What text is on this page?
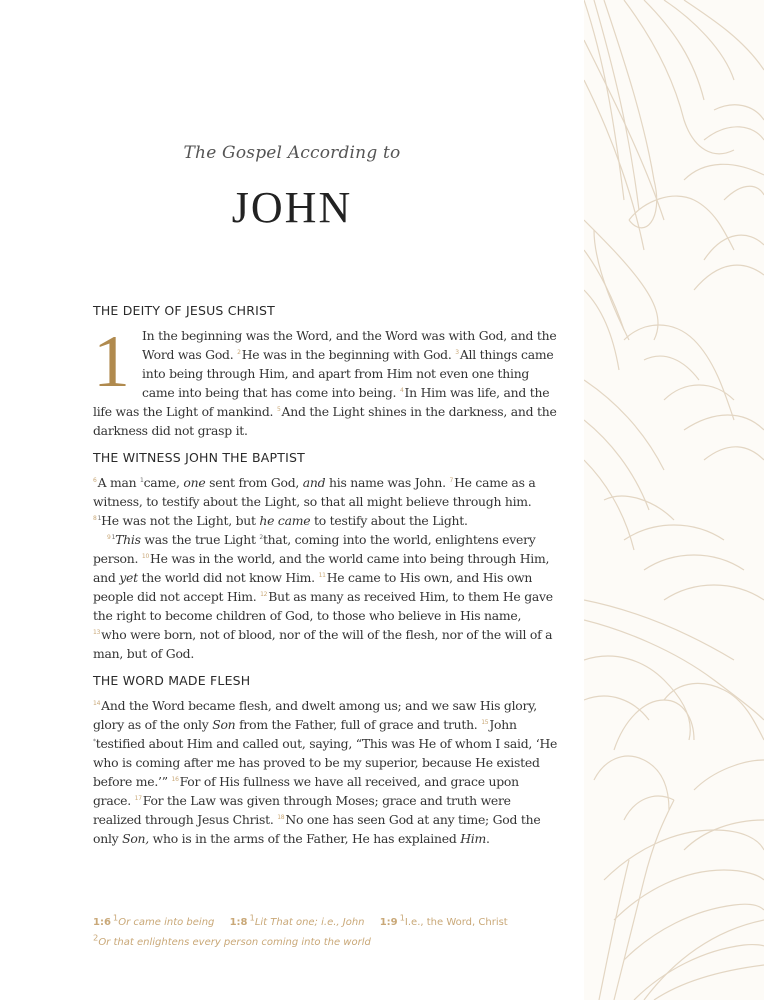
The Gospel According to
JOHN
THE DEITY OF JESUS CHRIST
1 In the beginning was the Word, and the Word was with God, and the Word was God. $^2$He was in the beginning with God. $^3$All things came into being through Him, and apart from Him not even one thing came into being that has come into being. $^4$In Him was life, and the life was the Light of mankind. $^5$And the Light shines in the darkness, and the darkness did not grasp it.

THE WITNESS JOHN THE BAPTIST

$^6$A man $^1$came, one sent from God, and his name was John. $^7$He came as a witness, to testify about the Light, so that all might believe through him. $^{81}$He was not the Light, but he came to testify about the Light.

$^{91}$This was the true Light $^2$that, coming into the world, enlightens every person. $^{10}$He was in the world, and the world came into being through Him, and yet the world did not know Him. $^{11}$He came to His own, and His own people did not accept Him. $^{12}$But as many as received Him, to them He gave the right to become children of God, to those who believe in His name, $^{13}$who were born, not of blood, nor of the will of the flesh, nor of the will of a man, but of God.

THE WORD MADE FLESH

$^{14}$And the Word became flesh, and dwelt among us; and we saw His glory, glory as of the only Son from the Father, full of grace and truth. $^{15}$John *testified about Him and called out, saying, “This was He of whom I said, ‘He who is coming after me has proved to be my superior, because He existed before me.’” $^{16}$For of His fullness we have all received, and grace upon grace. $^{17}$For the Law was given through Moses; grace and truth were realized through Jesus Christ. $^{18}$No one has seen God at any time; God the only Son, who is in the arms of the Father, He has explained Him.

1:6 $^1$Or came into being 1:8 $^1$Lit That one; i.e., John 1:9 $^1$I.e., the Word, Christ
$^2$Or that enlightens every person coming into the world
